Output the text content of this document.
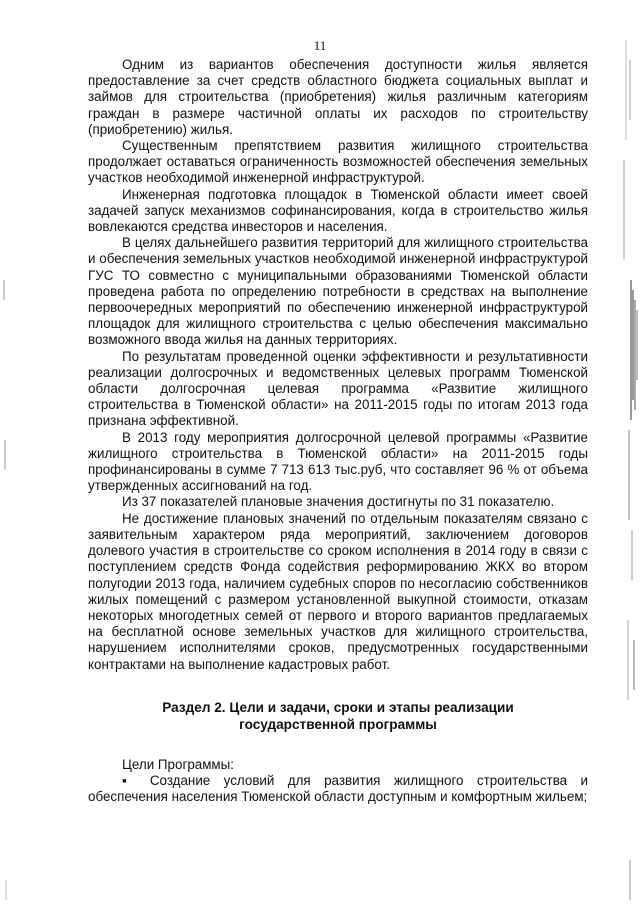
11

Одним из вариантов обеспечения доступности жилья является предоставление за счет средств областного бюджета социальных выплат и займов для строительства (приобретения) жилья различным категориям граждан в размере частичной оплаты их расходов по строительству (приобретению) жилья.

Существенным препятствием развития жилищного строительства продолжает оставаться ограниченность возможностей обеспечения земельных участков необходимой инженерной инфраструктурой.

Инженерная подготовка площадок в Тюменской области имеет своей задачей запуск механизмов софинансирования, когда в строительство жилья вовлекаются средства инвесторов и населения.

В целях дальнейшего развития территорий для жилищного строительства и обеспечения земельных участков необходимой инженерной инфраструктурой ГУС ТО совместно с муниципальными образованиями Тюменской области проведена работа по определению потребности в средствах на выполнение первоочередных мероприятий по обеспечению инженерной инфраструктурой площадок для жилищного строительства с целью обеспечения максимально возможного ввода жилья на данных территориях.

По результатам проведенной оценки эффективности и результативности реализации долгосрочных и ведомственных целевых программ Тюменской области долгосрочная целевая программа «Развитие жилищного строительства в Тюменской области» на 2011-2015 годы по итогам 2013 года признана эффективной.

В 2013 году мероприятия долгосрочной целевой программы «Развитие жилищного строительства в Тюменской области» на 2011-2015 годы профинансированы в сумме 7 713 613 тыс.руб, что составляет 96 % от объема утвержденных ассигнований на год.

Из 37 показателей плановые значения достигнуты по 31 показателю.

Не достижение плановых значений по отдельным показателям связано с заявительным характером ряда мероприятий, заключением договоров долевого участия в строительстве со сроком исполнения в 2014 году в связи с поступлением средств Фонда содействия реформированию ЖКХ во втором полугодии 2013 года, наличием судебных споров по несогласию собственников жилых помещений с размером установленной выкупной стоимости, отказам некоторых многодетных семей от первого и второго вариантов предлагаемых на бесплатной основе земельных участков для жилищного строительства, нарушением исполнителями сроков, предусмотренных государственными контрактами на выполнение кадастровых работ.

Раздел 2. Цели и задачи, сроки и этапы реализации
государственной программы

Цели Программы:

▪ Создание условий для развития жилищного строительства и обеспечения населения Тюменской области доступным и комфортным жильем;
